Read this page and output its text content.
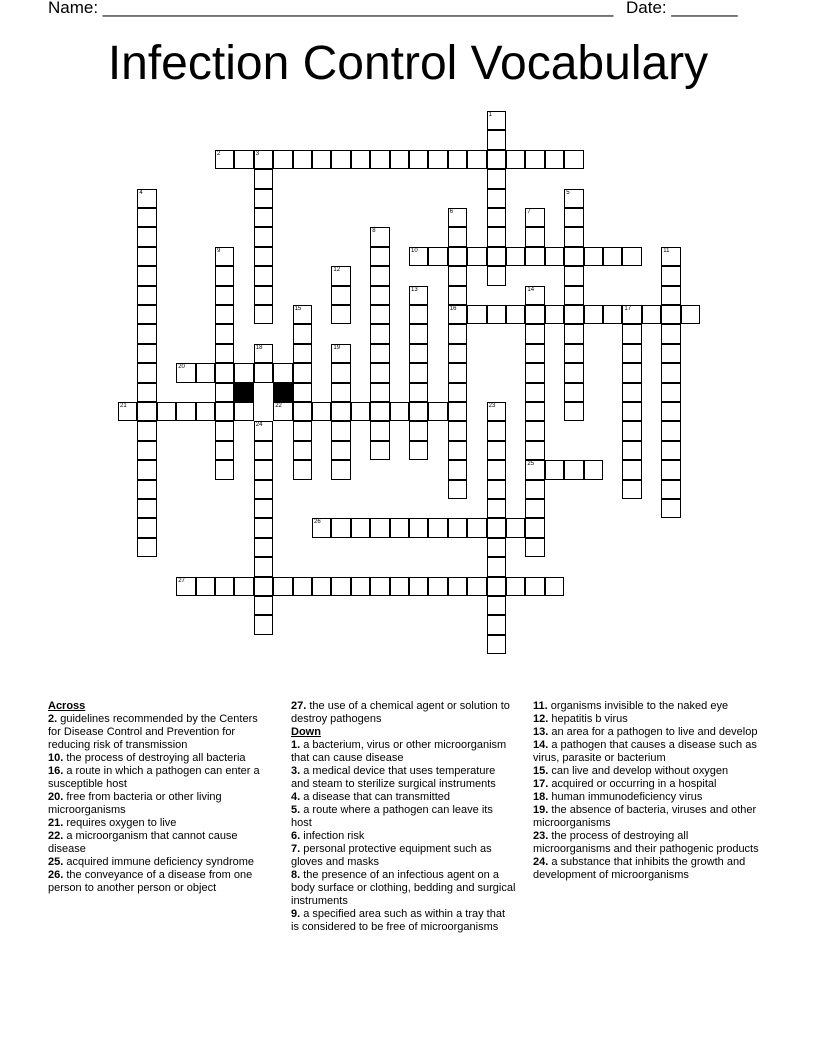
Name: ______________________________________________________ Date: _______
Infection Control Vocabulary
1
2	3
4	5
6
16
7
8
9	10	11
12
13	14
25
15	17
18	19
20
21	22	23
24
26
27
Across
2. guidelines recommended by the Centers for Disease Control and Prevention for reducing risk of transmission
10. the process of destroying all bacteria
16. a route in which a pathogen can enter a susceptible host
20. free from bacteria or other living microorganisms
21. requires oxygen to live
22. a microorganism that cannot cause disease
25. acquired immune deficiency syndrome
26. the conveyance of a disease from one person to another person or object
27. the use of a chemical agent or solution to destroy pathogens
Down
1. a bacterium, virus or other microorganism that can cause disease
3. a medical device that uses temperature and steam to sterilize surgical instruments
4. a disease that can transmitted
5. a route where a pathogen can leave its host
6. infection risk
7. personal protective equipment such as gloves and masks
8. the presence of an infectious agent on a body surface or clothing, bedding and surgical instruments
9. a specified area such as within a tray that is considered to be free of microorganisms
11. organisms invisible to the naked eye
12. hepatitis b virus
13. an area for a pathogen to live and develop
14. a pathogen that causes a disease such as virus, parasite or bacterium
15. can live and develop without oxygen
17. acquired or occurring in a hospital
18. human immunodeficiency virus
19. the absence of bacteria, viruses and other microorganisms
23. the process of destroying all microorganisms and their pathogenic products
24. a substance that inhibits the growth and development of microorganisms
